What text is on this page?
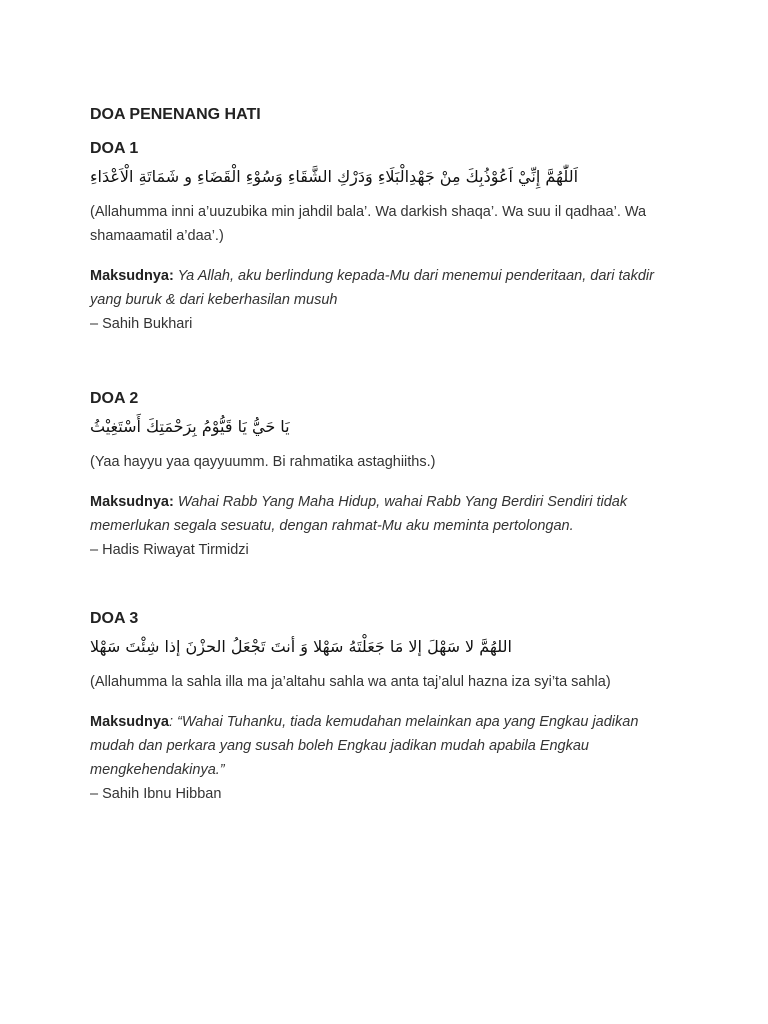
DOA PENENANG HATI
DOA 1

اَللّٰهُمَّ إِنِّيْ اَعُوْذُبِكَ مِنْ جَهْدِالْبَلَاءِ وَدَرْكِ الشَّقَاءِ وَسُوْءِ الْقَضَاءِ و شَمَاتَةِ الْاَعْدَاءِ

(Allahumma inni a’uuzubika min jahdil bala’. Wa darkish shaqa’. Wa suu il qadhaa’. Wa shamaamatil a’daa’.)

Maksudnya: Ya Allah, aku berlindung kepada-Mu dari menemui penderitaan, dari takdir yang buruk & dari keberhasilan musuh

– Sahih Bukhari

DOA 2

يَا حَيُّ يَا قَيُّوْمُ بِرَحْمَتِكَ أَسْتَغِيْثُ

(Yaa hayyu yaa qayyuumm. Bi rahmatika astaghiiths.)

Maksudnya: Wahai Rabb Yang Maha Hidup, wahai Rabb Yang Berdiri Sendiri tidak memerlukan segala sesuatu, dengan rahmat-Mu aku meminta pertolongan.

– Hadis Riwayat Tirmidzi

DOA 3

اللهُمَّ لا سَهْلَ إلا مَا جَعَلْتَهُ سَهْلا وَ أنتَ تَجْعَلُ الحزْنَ إذا شِئْتَ سَهْلا

(Allahumma la sahla illa ma ja’altahu sahla wa anta taj’alul hazna iza syi’ta sahla)

Maksudnya: “Wahai Tuhanku, tiada kemudahan melainkan apa yang Engkau jadikan mudah dan perkara yang susah boleh Engkau jadikan mudah apabila Engkau mengkehendakinya.”

– Sahih Ibnu Hibban
